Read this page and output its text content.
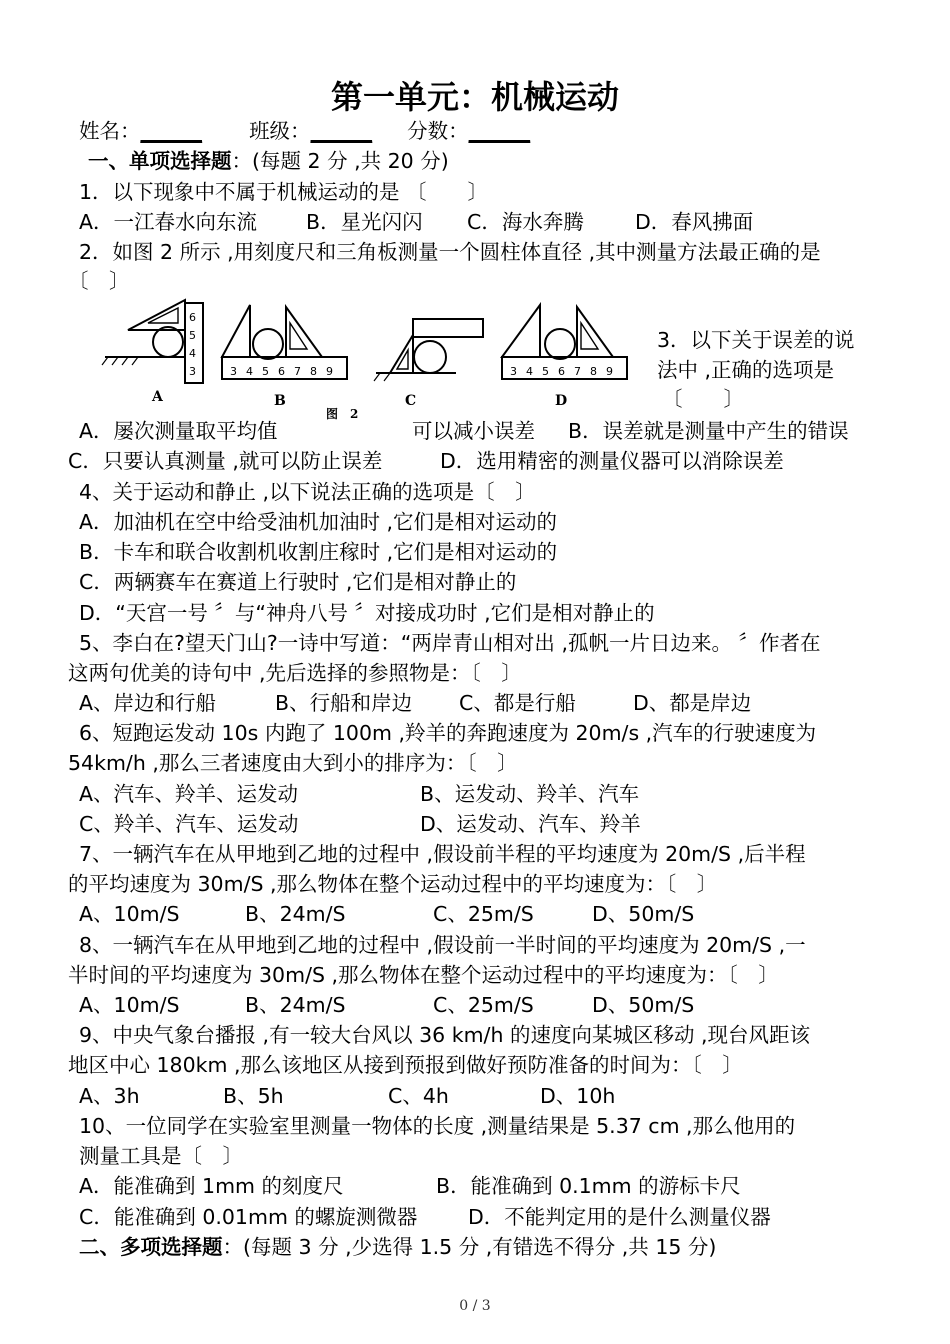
第一单元：机械运动
姓名：______ 班级：______ 分数：______
一、单项选择题：(每题 2 分 ,共 20 分)
1．以下现象中不属于机械运动的是 〔　　〕
A．一江春水向东流 B．星光闪闪 C．海水奔腾 D．春风拂面
2．如图 2 所示 ,用刻度尺和三角板测量一个圆柱体直径 ,其中测量方法最正确的是
〔　〕
6
5
4
3	3 4 5 6 7 8 9	3 4 5 6 7 8 9
A	B	C	D
图　2
3．以下关于误差的说
法中 ,正确的选项是
〔　　〕
A．屡次测量取平均值	可以减小误差 B．误差就是测量中产生的错误
C．只要认真测量 ,就可以防止误差	D．选用精密的测量仪器可以消除误差
4、关于运动和静止 ,以下说法正确的选项是〔　〕
A．加油机在空中给受油机加油时 ,它们是相对运动的
B．卡车和联合收割机收割庄稼时 ,它们是相对运动的
C．两辆赛车在赛道上行驶时 ,它们是相对静止的
D．“天宫一号 〞与“神舟八号 〞对接成功时 ,它们是相对静止的
5、李白在?望天门山?一诗中写道：“两岸青山相对出 ,孤帆一片日边来。 〞作者在
这两句优美的诗句中 ,先后选择的参照物是：〔　〕
A、岸边和行船	B、行船和岸边 C、都是行船	D、都是岸边
6、短跑运发动 10s 内跑了 100m ,羚羊的奔跑速度为 20m/s ,汽车的行驶速度为
54km/h ,那么三者速度由大到小的排序为：〔　〕
A、汽车、羚羊、运发动	B、运发动、羚羊、汽车
C、羚羊、汽车、运发动	D、运发动、汽车、羚羊
7、一辆汽车在从甲地到乙地的过程中 ,假设前半程的平均速度为 20m/S ,后半程
的平均速度为 30m/S ,那么物体在整个运动过程中的平均速度为：〔　〕
A、10m/S	B、24m/S	C、25m/S	D、50m/S
8、一辆汽车在从甲地到乙地的过程中 ,假设前一半时间的平均速度为 20m/S ,一
半时间的平均速度为 30m/S ,那么物体在整个运动过程中的平均速度为：〔　〕
A、10m/S	B、24m/S	C、25m/S	D、50m/S
9、中央气象台播报 ,有一较大台风以 36 km/h 的速度向某城区移动 ,现台风距该
地区中心 180km ,那么该地区从接到预报到做好预防准备的时间为：〔　〕
A、3h	B、5h	C、4h	D、10h
10、一位同学在实验室里测量一物体的长度 ,测量结果是 5.37 cm ,那么他用的
测量工具是〔　〕
A．能准确到 1mm 的刻度尺	B．能准确到 0.1mm 的游标卡尺
C．能准确到 0.01mm 的螺旋测微器 D．不能判定用的是什么测量仪器
二、多项选择题：(每题 3 分 ,少选得 1.5 分 ,有错选不得分 ,共 15 分)
0 / 3
